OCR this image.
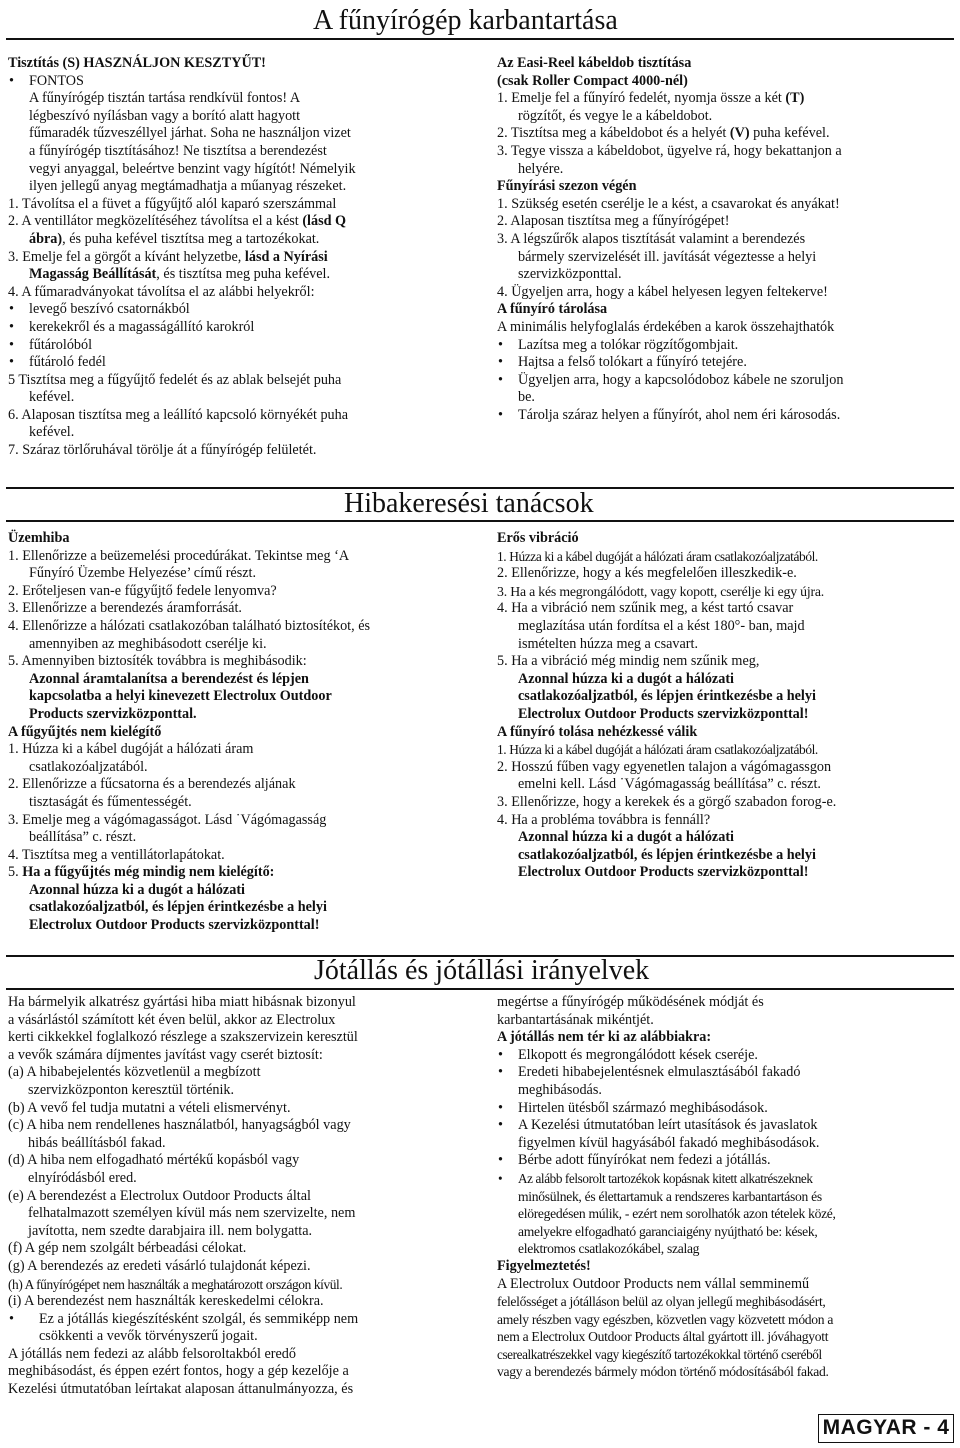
A fűnyírógép karbantartása
Tisztítás (S) HASZNÁLJON KESZTYŰT!
• FONTOS
A fűnyírógép tisztán tartása rendkívül fontos! A
légbeszívó nyílásban vagy a borító alatt hagyott
fűmaradék tűzveszéllyel járhat. Soha ne használjon vizet
a fűnyírógép tisztításához! Ne tisztítsa a berendezést
vegyi anyaggal, beleértve benzint vagy hígítót! Némelyik
ilyen jellegű anyag megtámadhatja a műanyag részeket.
1. Távolítsa el a füvet a fűgyűjtő alól kaparó szerszámmal
2. A ventillátor megközelítéséhez távolítsa el a kést (lásd Q
ábra), és puha kefével tisztítsa meg a tartozékokat.
3. Emelje fel a görgőt a kívánt helyzetbe, lásd a Nyírási
Magasság Beállítását, és tisztítsa meg puha kefével.
4. A fűmaradványokat távolítsa el az alábbi helyekről:
• levegő beszívó csatornákból
• kerekekről és a magasságállító karokról
• fűtárolóból
• fűtároló fedél
5 Tisztítsa meg a fűgyűjtő fedelét és az ablak belsejét puha
kefével.
6. Alaposan tisztítsa meg a leállító kapcsoló környékét puha
kefével.
7. Száraz törlőruhával törölje át a fűnyírógép felületét.
Az Easi-Reel kábeldob tisztítása
(csak Roller Compact 4000-nél)
1. Emelje fel a fűnyíró fedelét, nyomja össze a két (T)
rögzítőt, és vegye le a kábeldobot.
2. Tisztítsa meg a kábeldobot és a helyét (V) puha kefével.
3. Tegye vissza a kábeldobot, ügyelve rá, hogy bekattanjon a
helyére.
Fűnyírási szezon végén
1. Szükség esetén cserélje le a kést, a csavarokat és anyákat!
2. Alaposan tisztítsa meg a fűnyírógépet!
3. A légszűrők alapos tisztítását valamint a berendezés
bármely szervizelését ill. javítását végeztesse a helyi
szervizközponttal.
4. Ügyeljen arra, hogy a kábel helyesen legyen feltekerve!
A fűnyíró tárolása
A minimális helyfoglalás érdekében a karok összehajthatók
• Lazítsa meg a tolókar rögzítőgombjait.
• Hajtsa a felső tolókart a fűnyíró tetejére.
• Ügyeljen arra, hogy a kapcsolódoboz kábele ne szoruljon
be.
• Tárolja száraz helyen a fűnyírót, ahol nem éri károsodás.
Hibakeresési tanácsok
Üzemhiba
1. Ellenőrizze a beüzemelési procedúrákat. Tekintse meg ‘A
Fűnyíró Üzembe Helyezése’ című részt.
2. Erőteljesen van-e fűgyűjtő fedele lenyomva?
3. Ellenőrizze a berendezés áramforrását.
4. Ellenőrizze a hálózati csatlakozóban található biztosítékot, és
amennyiben az meghibásodott cserélje ki.
5. Amennyiben biztosíték továbbra is meghibásodik:
Azonnal áramtalanítsa a berendezést és lépjen
kapcsolatba a helyi kinevezett Electrolux Outdoor
Products szervizközponttal.
A fűgyűjtés nem kielégítő
1. Húzza ki a kábel dugóját a hálózati áram
csatlakozóaljzatából.
2. Ellenőrizze a fűcsatorna és a berendezés aljának
tisztaságát és fűmentességét.
3. Emelje meg a vágómagasságot. Lásd ˙Vágómagasság
beállítása” c. részt.
4. Tisztítsa meg a ventillátorlapátokat.
5. Ha a fűgyűjtés még mindig nem kielégítő:
Azonnal húzza ki a dugót a hálózati
csatlakozóaljzatból, és lépjen érintkezésbe a helyi
Electrolux Outdoor Products szervizközponttal!
Erős vibráció
1. Húzza ki a kábel dugóját a hálózati áram csatlakozóaljzatából.
2. Ellenőrizze, hogy a kés megfelelően illeszkedik-e.
3. Ha a kés megrongálódott, vagy kopott, cserélje ki egy újra.
4. Ha a vibráció nem szűnik meg, a kést tartó csavar
meglazítása után fordítsa el a kést 180°- ban, majd
ismételten húzza meg a csavart.
5. Ha a vibráció még mindig nem szűnik meg,
Azonnal húzza ki a dugót a hálózati
csatlakozóaljzatból, és lépjen érintkezésbe a helyi
Electrolux Outdoor Products szervizközponttal!
A fűnyíró tolása nehézkessé válik
1. Húzza ki a kábel dugóját a hálózati áram csatlakozóaljzatából.
2. Hosszú fűben vagy egyenetlen talajon a vágómagassgon
emelni kell. Lásd ˙Vágómagasság beállítása” c. részt.
3. Ellenőrizze, hogy a kerekek és a görgő szabadon forog-e.
4. Ha a probléma továbbra is fennáll?
Azonnal húzza ki a dugót a hálózati
csatlakozóaljzatból, és lépjen érintkezésbe a helyi
Electrolux Outdoor Products szervizközponttal!
Jótállás és jótállási irányelvek
Ha bármelyik alkatrész gyártási hiba miatt hibásnak bizonyul
a vásárlástól számított két éven belül, akkor az Electrolux
kerti cikkekkel foglalkozó részlege a szakszervizein keresztül
a vevők számára díjmentes javítást vagy cserét biztosít:
(a) A hibabejelentés közvetlenül a megbízott
szervizközponton keresztül történik.
(b) A vevő fel tudja mutatni a vételi elismervényt.
(c) A hiba nem rendellenes használatból, hanyagságból vagy
hibás beállításból fakad.
(d) A hiba nem elfogadható mértékű kopásból vagy
elnyíródásból ered.
(e) A berendezést a Electrolux Outdoor Products által
felhatalmazott személyen kívül más nem szervizelte, nem
javította, nem szedte darabjaira ill. nem bolygatta.
(f) A gép nem szolgált bérbeadási célokat.
(g) A berendezés az eredeti vásárló tulajdonát képezi.
(h) A fűnyírógépet nem használták a meghatározott országon kívül.
(i) A berendezést nem használták kereskedelmi célokra.
• Ez a jótállás kiegészítésként szolgál, és semmiképp nem
csökkenti a vevők törvényszerű jogait.
A jótállás nem fedezi az alább felsoroltakból eredő
meghibásodást, és éppen ezért fontos, hogy a gép kezelője a
Kezelési útmutatóban leírtakat alaposan áttanulmányozza, és
megértse a fűnyírógép működésének módját és
karbantartásának mikéntjét.
A jótállás nem tér ki az alábbiakra:
• Elkopott és megrongálódott kések cseréje.
• Eredeti hibabejelentésnek elmulasztásából fakadó
meghibásodás.
• Hirtelen ütésből származó meghibásodások.
• A Kezelési útmutatóban leírt utasítások és javaslatok
figyelmen kívül hagyásából fakadó meghibásodások.
• Bérbe adott fűnyírókat nem fedezi a jótállás.
• Az alább felsorolt tartozékok kopásnak kitett alkatrészeknek
minősülnek, és élettartamuk a rendszeres karbantartáson és
elöregedésen múlik, - ezért nem sorolhatók azon tételek közé,
amelyekre elfogadható garanciaigény nyújtható be: kések,
elektromos csatlakozókábel, szalag
Figyelmeztetés!
A Electrolux Outdoor Products nem vállal semminemű
felelősséget a jótálláson belül az olyan jellegű meghibásodásért,
amely részben vagy egészben, közvetlen vagy közvetett módon a
nem a Electrolux Outdoor Products által gyártott ill. jóváhagyott
cserealkatrészekkel vagy kiegészítő tartozékokkal történő cseréből
vagy a berendezés bármely módon történő módosításából fakad.
MAGYAR - 4
